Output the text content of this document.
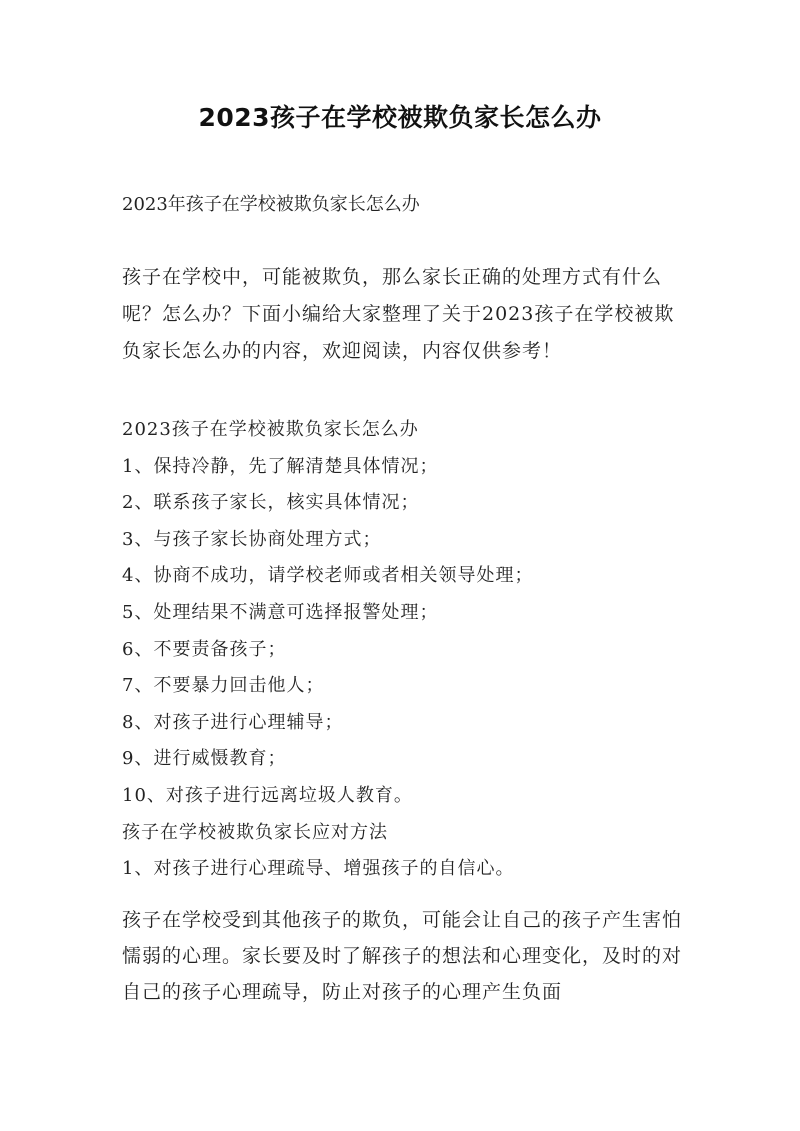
2023孩子在学校被欺负家长怎么办
2023年孩子在学校被欺负家长怎么办

孩子在学校中，可能被欺负，那么家长正确的处理方式有什么呢？怎么办？下面小编给大家整理了关于2023孩子在学校被欺负家长怎么办的内容，欢迎阅读，内容仅供参考！

2023孩子在学校被欺负家长怎么办
1、保持冷静，先了解清楚具体情况；
2、联系孩子家长，核实具体情况；
3、与孩子家长协商处理方式；
4、协商不成功，请学校老师或者相关领导处理；
5、处理结果不满意可选择报警处理；
6、不要责备孩子；
7、不要暴力回击他人；
8、对孩子进行心理辅导；
9、进行威慑教育；
10、对孩子进行远离垃圾人教育。
孩子在学校被欺负家长应对方法
1、对孩子进行心理疏导、增强孩子的自信心。

孩子在学校受到其他孩子的欺负，可能会让自己的孩子产生害怕懦弱的心理。家长要及时了解孩子的想法和心理变化，及时的对自己的孩子心理疏导，防止对孩子的心理产生负面
